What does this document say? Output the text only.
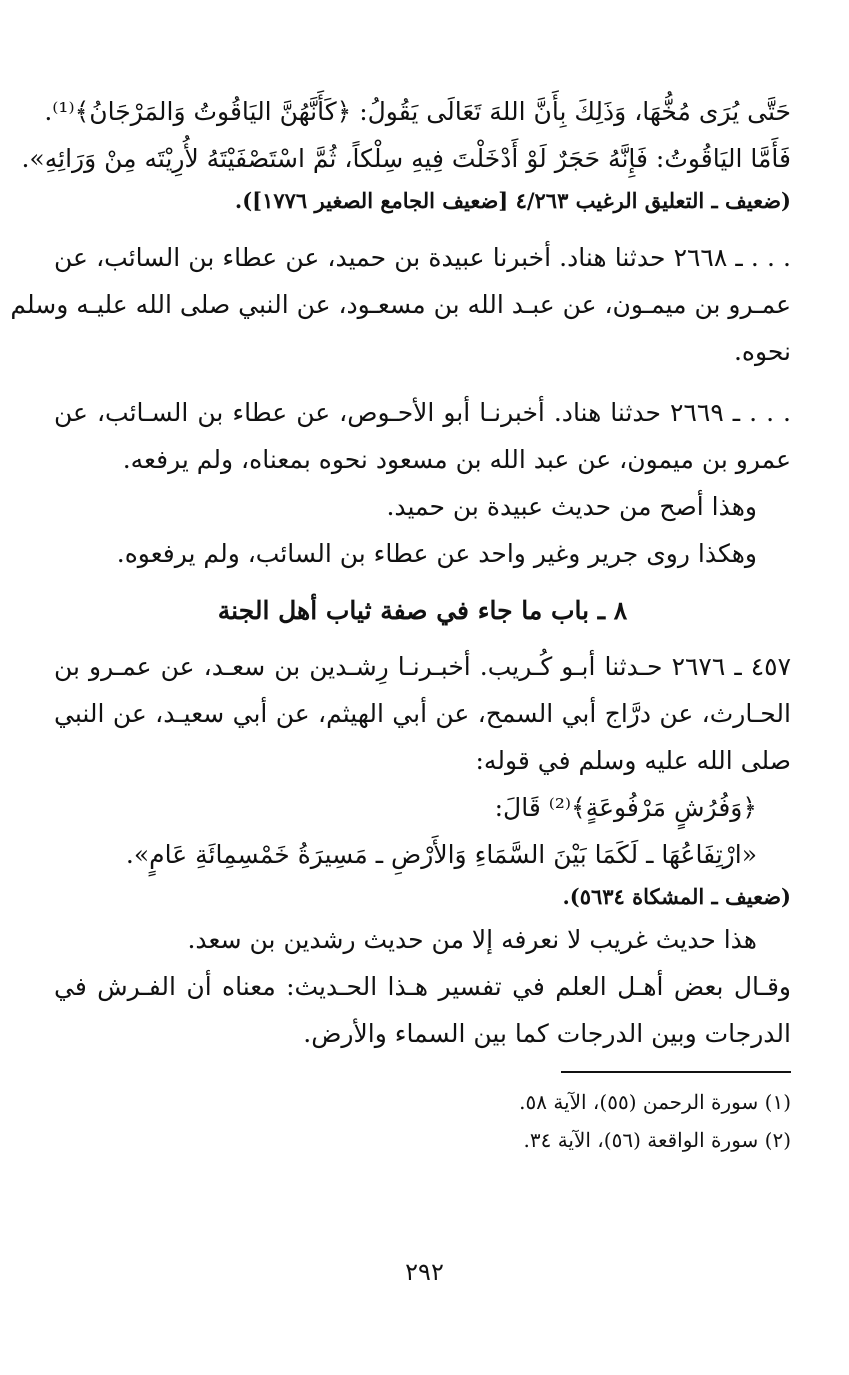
حَتَّى يُرَى مُخُّهَا، وَذَلِكَ بِأَنَّ اللهَ تَعَالَى يَقُولُ: ﴿كَأَنَّهُنَّ اليَاقُوتُ وَالمَرْجَانُ﴾⁽¹⁾.
فَأَمَّا اليَاقُوتُ: فَإِنَّهُ حَجَرٌ لَوْ أَدْخَلْتَ فِيهِ سِلْكاً، ثُمَّ اسْتَصْفَيْتَهُ لأُرِيْتَه مِنْ وَرَائِهِ».
(ضعيف ـ التعليق الرغيب ٤/٢٦٣ [ضعيف الجامع الصغير ١٧٧٦]).
. . . ـ ٢٦٦٨ حدثنا هناد. أخبرنا عبيدة بن حميد، عن عطاء بن السائب، عن
عمـرو بن ميمـون، عن عبـد الله بن مسعـود، عن النبي صلى الله عليـه وسلم
نحوه.
. . . ـ ٢٦٦٩ حدثنا هناد. أخبرنـا أبو الأحـوص، عن عطاء بن السـائب، عن
عمرو بن ميمون، عن عبد الله بن مسعود نحوه بمعناه، ولم يرفعه.
وهذا أصح من حديث عبيدة بن حميد.
وهكذا روى جرير وغير واحد عن عطاء بن السائب، ولم يرفعوه.
٨ ـ باب ما جاء في صفة ثياب أهل الجنة
٤٥٧ ـ ٢٦٧٦ حـدثنا أبـو كُـريب. أخبـرنـا رِشـدين بن سعـد، عن عمـرو بن
الحـارث، عن درَّاج أبي السمح، عن أبي الهيثم، عن أبي سعيـد، عن النبي
صلى الله عليه وسلم في قوله:
﴿وَفُرُشٍ مَرْفُوعَةٍ﴾⁽²⁾ قَالَ:
«ارْتِفَاعُهَا ـ لَكَمَا بَيْنَ السَّمَاءِ وَالأَرْضِ ـ مَسِيرَةُ خَمْسِمِائَةِ عَامٍ».
(ضعيف ـ المشكاة ٥٦٣٤).
هذا حديث غريب لا نعرفه إلا من حديث رشدين بن سعد.
وقـال بعض أهـل العلم في تفسير هـذا الحـديث: معناه أن الفـرش في
الدرجات وبين الدرجات كما بين السماء والأرض.
(١) سورة الرحمن (٥٥)، الآية ٥٨.
(٢) سورة الواقعة (٥٦)، الآية ٣٤.
٢٩٢
